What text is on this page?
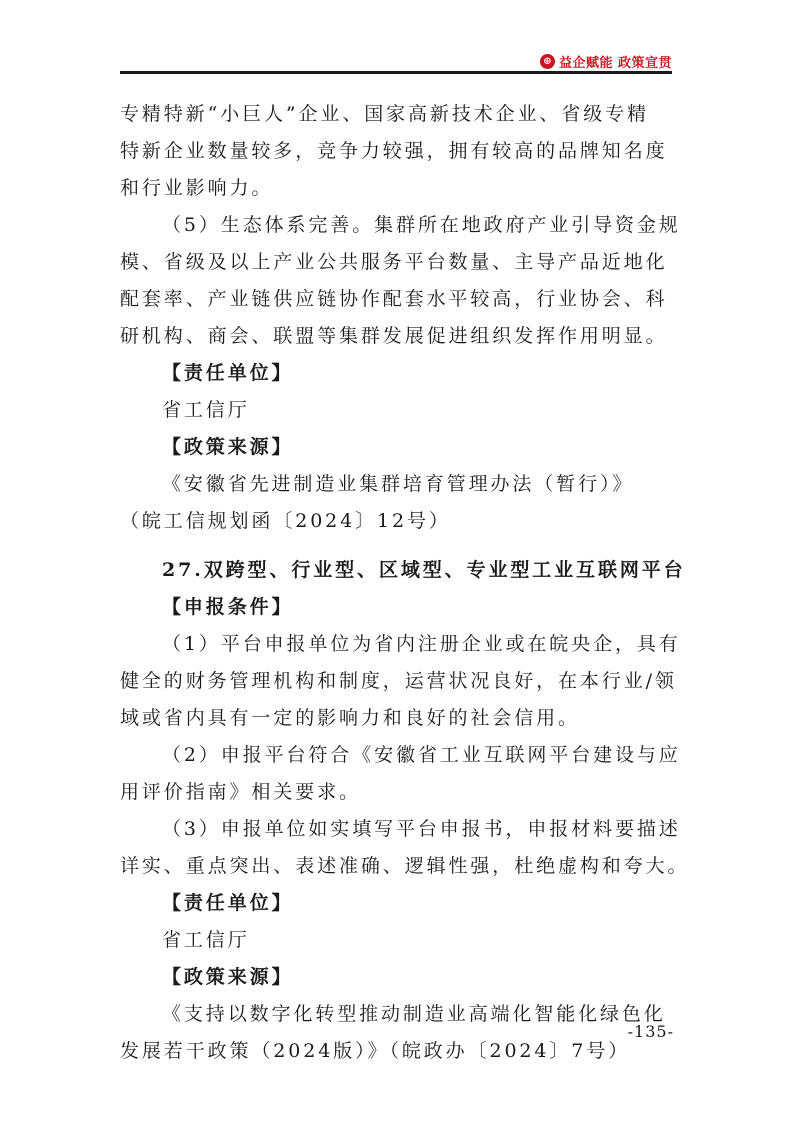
⊕ 益企赋能 政策宣贯

专精特新“小巨人”企业、国家高新技术企业、省级专精

特新企业数量较多，竞争力较强，拥有较高的品牌知名度

和行业影响力。

（5）生态体系完善。集群所在地政府产业引导资金规

模、省级及以上产业公共服务平台数量、主导产品近地化

配套率、产业链供应链协作配套水平较高，行业协会、科

研机构、商会、联盟等集群发展促进组织发挥作用明显。

【责任单位】

省工信厅

【政策来源】

《安徽省先进制造业集群培育管理办法（暂行）》

（皖工信规划函〔2024〕12号）

27.双跨型、行业型、区域型、专业型工业互联网平台

【申报条件】

（1）平台申报单位为省内注册企业或在皖央企，具有

健全的财务管理机构和制度，运营状况良好，在本行业/领

域或省内具有一定的影响力和良好的社会信用。

（2）申报平台符合《安徽省工业互联网平台建设与应

用评价指南》相关要求。

（3）申报单位如实填写平台申报书，申报材料要描述

详实、重点突出、表述准确、逻辑性强，杜绝虚构和夸大。

【责任单位】

省工信厅

【政策来源】

《支持以数字化转型推动制造业高端化智能化绿色化

发展若干政策（2024版）》（皖政办〔2024〕7号）

-135-
